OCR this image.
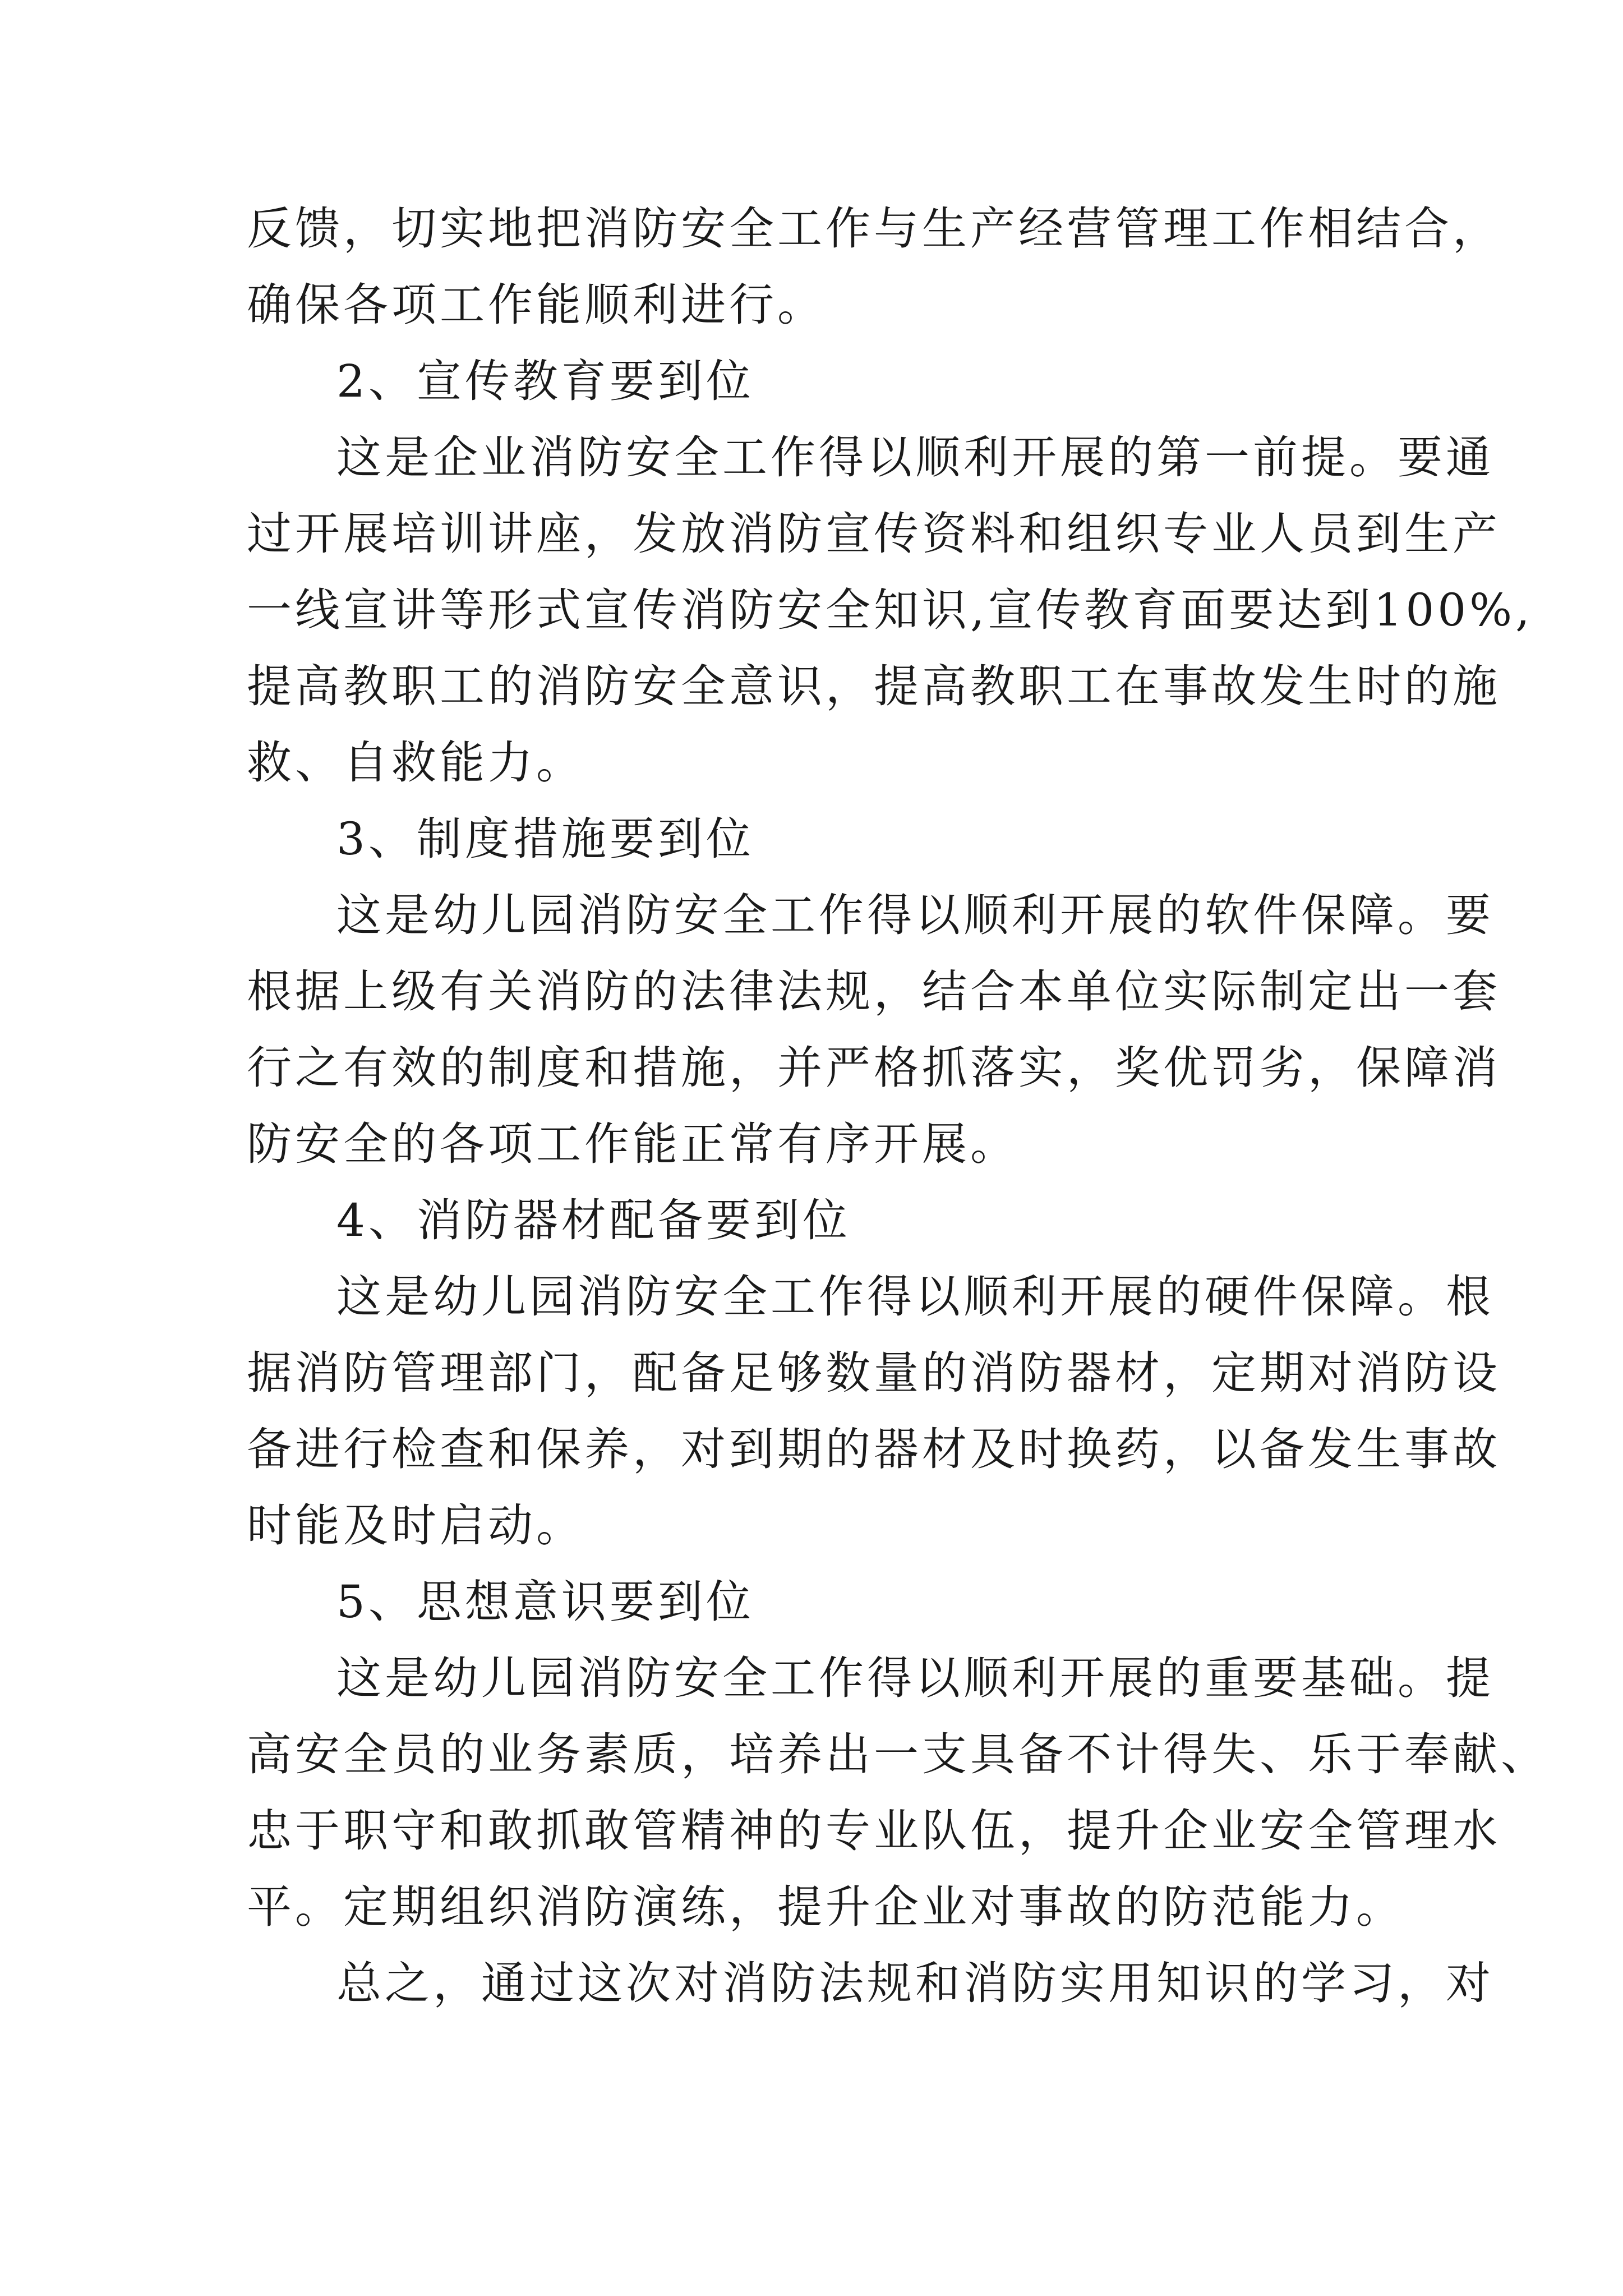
反馈，切实地把消防安全工作与生产经营管理工作相结合，
确保各项工作能顺利进行。

2、宣传教育要到位

这是企业消防安全工作得以顺利开展的第一前提。要通
过开展培训讲座，发放消防宣传资料和组织专业人员到生产
一线宣讲等形式宣传消防安全知识,宣传教育面要达到100%,
提高教职工的消防安全意识，提高教职工在事故发生时的施
救、自救能力。

3、制度措施要到位

这是幼儿园消防安全工作得以顺利开展的软件保障。要
根据上级有关消防的法律法规，结合本单位实际制定出一套
行之有效的制度和措施，并严格抓落实，奖优罚劣，保障消
防安全的各项工作能正常有序开展。

4、消防器材配备要到位

这是幼儿园消防安全工作得以顺利开展的硬件保障。根
据消防管理部门，配备足够数量的消防器材，定期对消防设
备进行检查和保养，对到期的器材及时换药，以备发生事故
时能及时启动。

5、思想意识要到位

这是幼儿园消防安全工作得以顺利开展的重要基础。提
高安全员的业务素质，培养出一支具备不计得失、乐于奉献、
忠于职守和敢抓敢管精神的专业队伍，提升企业安全管理水
平。定期组织消防演练，提升企业对事故的防范能力。

总之，通过这次对消防法规和消防实用知识的学习，对
